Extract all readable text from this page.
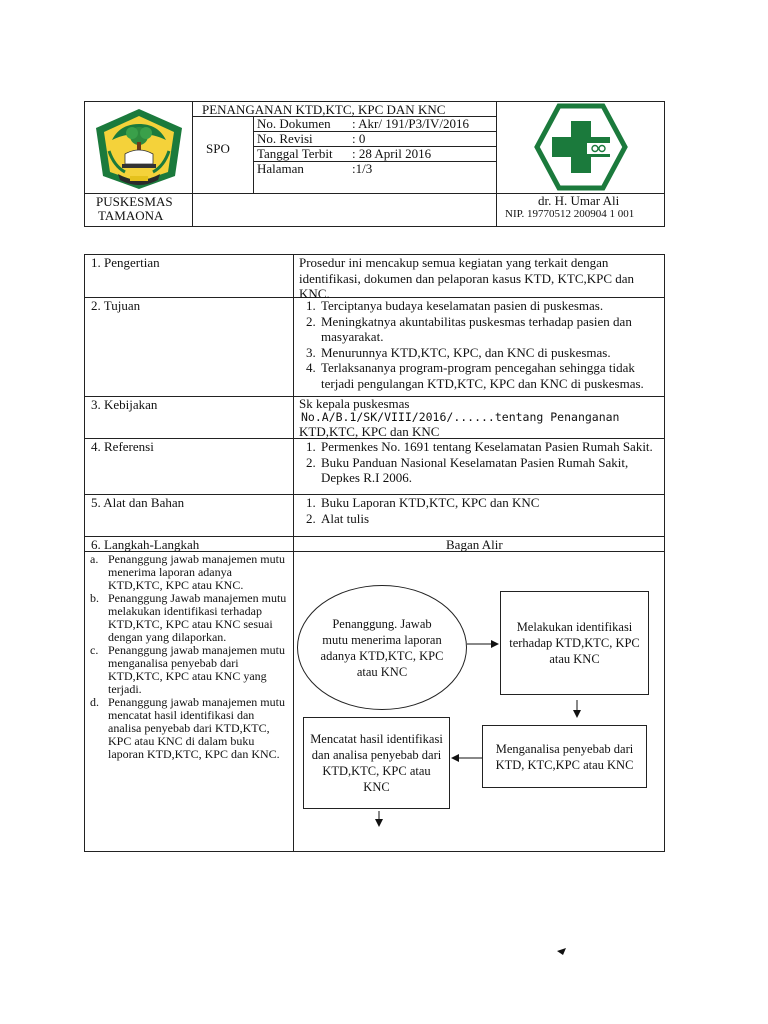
PENANGANAN KTD,KTC, KPC DAN KNC
SPO
No. Dokumen : Akr/ 191/P3/IV/2016
No. Revisi	: 0
Tanggal Terbit : 28 April 2016
Halaman	:1/3
PUSKESMAS
TAMAONA
dr. H. Umar Ali
NIP. 19770512 200904 1 001
1. Pengertian	Prosedur ini mencakup semua kegiatan yang terkait dengan identifikasi, dokumen dan pelaporan kasus KTD, KTC,KPC dan KNC.
2. Tujuan	1. Terciptanya budaya keselamatan pasien di puskesmas.
2. Meningkatnya akuntabilitas puskesmas terhadap pasien dan masyarakat.
3. Menurunnya KTD,KTC, KPC, dan KNC di puskesmas.
4. Terlaksananya program-program pencegahan sehingga tidak terjadi pengulangan KTD,KTC, KPC dan KNC di puskesmas.
3. Kebijakan	Sk kepala puskesmas
No.A/B.1/SK/VIII/2016/......tentang Penanganan
KTD,KTC, KPC dan KNC
4. Referensi	1. Permenkes No. 1691 tentang Keselamatan Pasien Rumah Sakit.
2. Buku Panduan Nasional Keselamatan Pasien Rumah Sakit, Depkes R.I 2006.
5. Alat dan Bahan	1. Buku Laporan KTD,KTC, KPC dan KNC
2. Alat tulis
6. Langkah-Langkah	Bagan Alir
a. Penanggung jawab manajemen mutu menerima laporan adanya KTD,KTC, KPC atau KNC.
b. Penanggung Jawab manajemen mutu melakukan identifikasi terhadap KTD,KTC, KPC atau KNC sesuai dengan yang dilaporkan.
c. Penanggung jawab manajemen mutu menganalisa penyebab dari KTD,KTC, KPC atau KNC yang terjadi.
d. Penanggung jawab manajemen mutu mencatat hasil identifikasi dan analisa penyebab dari KTD,KTC, KPC atau KNC di dalam buku laporan KTD,KTC, KPC dan KNC.
Penanggung. Jawab mutu menerima laporan adanya KTD,KTC, KPC atau KNC
Melakukan identifikasi terhadap KTD,KTC, KPC atau KNC
Menganalisa penyebab dari KTD, KTC,KPC atau KNC
Mencatat hasil identifikasi dan analisa penyebab dari KTD,KTC, KPC atau KNC
